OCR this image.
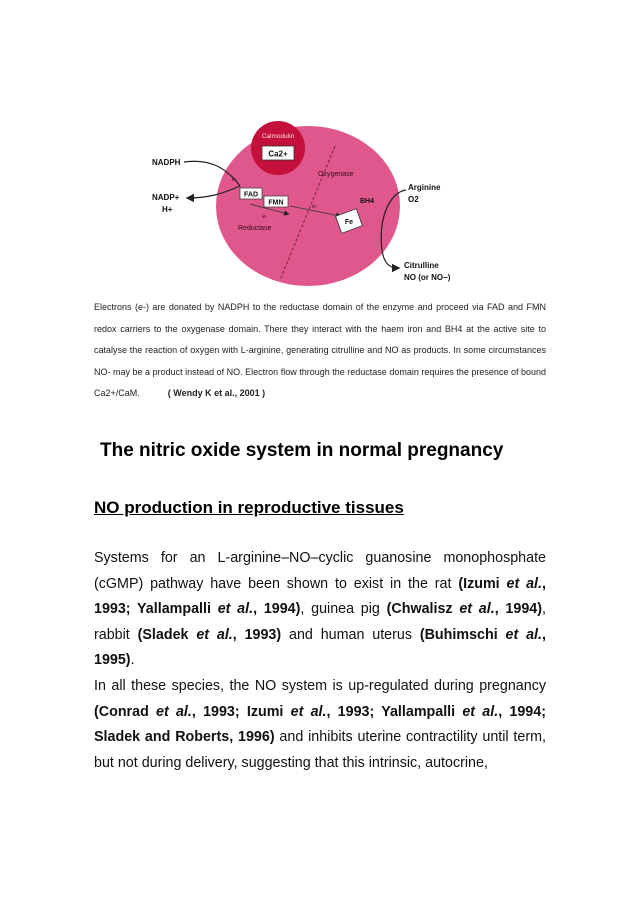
Calmodulin
Ca2+
NADPH
NADP+
H+
e-
FAD
FMN
e-
Reductase
Oxygenase
e-
BH4
Fe
Arginine
O2
Citrulline
NO (or NO−)
Electrons (e-) are donated by NADPH to the reductase domain of the enzyme and proceed via FAD and FMN redox carriers to the oxygenase domain. There they interact with the haem iron and BH4 at the active site to catalyse the reaction of oxygen with L-arginine, generating citrulline and NO as products. In some circumstances NO- may be a product instead of NO. Electron flow through the reductase domain requires the presence of bound Ca2+/CaM.	( Wendy K et al., 2001 )
The nitric oxide system in normal pregnancy
NO production in reproductive tissues

Systems for an L-arginine–NO–cyclic guanosine monophosphate (cGMP) pathway have been shown to exist in the rat (Izumi et al., 1993; Yallampalli et al., 1994), guinea pig (Chwalisz et al., 1994), rabbit (Sladek et al., 1993) and human uterus (Buhimschi et al., 1995).

In all these species, the NO system is up-regulated during pregnancy (Conrad et al., 1993; Izumi et al., 1993; Yallampalli et al., 1994; Sladek and Roberts, 1996) and inhibits uterine contractility until term, but not during delivery, suggesting that this intrinsic, autocrine,
